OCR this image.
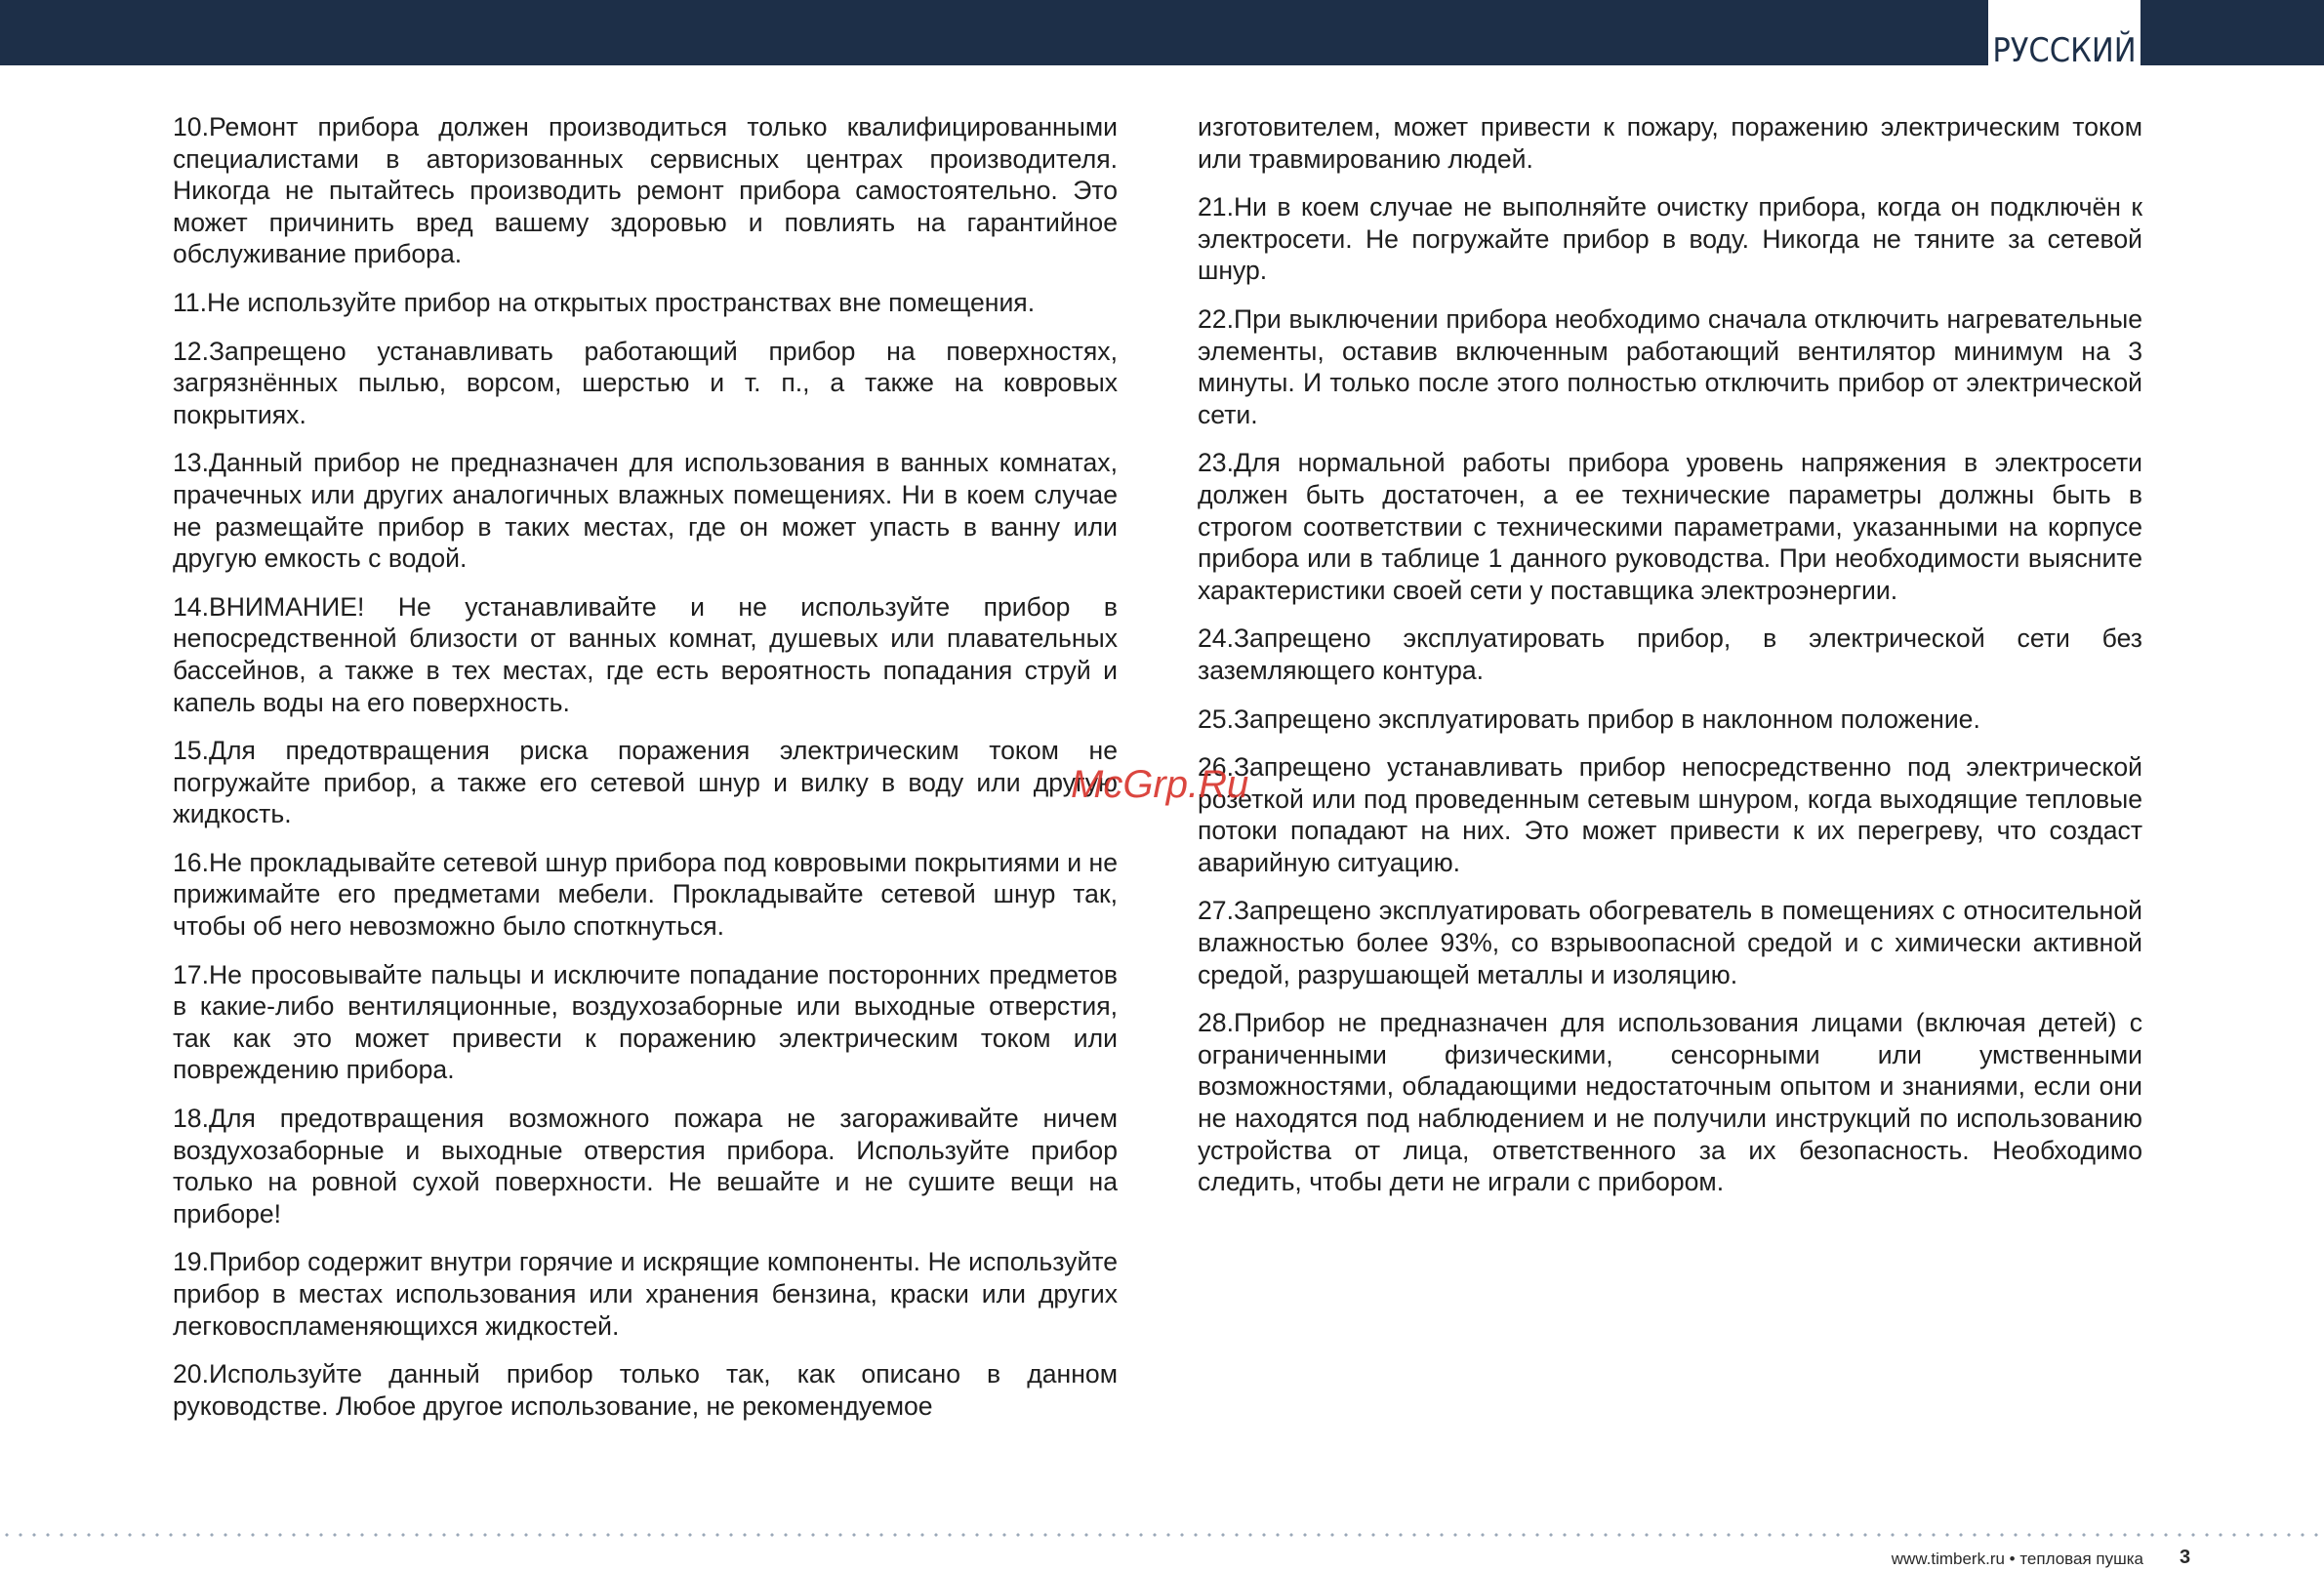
РУССКИЙ

10.Ремонт прибора должен производиться только квалифицированными специалистами в авторизованных сервисных центрах производителя. Никогда не пытайтесь производить ремонт прибора самостоятельно. Это может причинить вред вашему здоровью и повлиять на гарантийное обслуживание прибора.

11.Не используйте прибор на открытых пространствах вне помещения.

12.Запрещено устанавливать работающий прибор на поверхностях, загрязнённых пылью, ворсом, шерстью и т. п., а также на ковровых покрытиях.

13.Данный прибор не предназначен для использования в ванных комнатах, прачечных или других аналогичных влажных помещениях. Ни в коем случае не размещайте прибор в таких местах, где он может упасть в ванну или другую емкость с водой.

14.ВНИМАНИЕ! Не устанавливайте и не используйте прибор в непосредственной близости от ванных комнат, душевых или плавательных бассейнов, а также в тех местах, где есть вероятность попадания струй и капель воды на его поверхность.

15.Для предотвращения риска поражения электрическим током не погружайте прибор, а также его сетевой шнур и вилку в воду или другую жидкость.

16.Не прокладывайте сетевой шнур прибора под ковровыми покрытиями и не прижимайте его предметами мебели. Прокладывайте сетевой шнур так, чтобы об него невозможно было споткнуться.

17.Не просовывайте пальцы и исключите попадание посторонних предметов в какие-либо вентиляционные, воздухозаборные или выходные отверстия, так как это может привести к поражению электрическим током или повреждению прибора.

18.Для предотвращения возможного пожара не загораживайте ничем воздухозаборные и выходные отверстия прибора. Используйте прибор только на ровной сухой поверхности. Не вешайте и не сушите вещи на приборе!

19.Прибор содержит внутри горячие и искрящие компоненты. Не используйте прибор в местах использования или хранения бензина, краски или других легковоспламеняющихся жидкостей.

20.Используйте данный прибор только так, как описано в данном руководстве. Любое другое использование, не рекомендуемое

изготовителем, может привести к пожару, поражению электрическим током или травмированию людей.

21.Ни в коем случае не выполняйте очистку прибора, когда он подключён к электросети. Не погружайте прибор в воду. Никогда не тяните за сетевой шнур.

22.При выключении прибора необходимо сначала отключить нагревательные элементы, оставив включенным работающий вентилятор минимум на 3 минуты. И только после этого полностью отключить прибор от электрической сети.

23.Для нормальной работы прибора уровень напряжения в электросети должен быть достаточен, а ее технические параметры должны быть в строгом соответствии с техническими параметрами, указанными на корпусе прибора или в таблице 1 данного руководства. При необходимости выясните характеристики своей сети у поставщика электроэнергии.

24.Запрещено эксплуатировать прибор, в электрической сети без заземляющего контура.

25.Запрещено эксплуатировать прибор в наклонном положение.

26.Запрещено устанавливать прибор непосредственно под электрической розеткой или под проведенным сетевым шнуром, когда выходящие тепловые потоки попадают на них. Это может привести к их перегреву, что создаст аварийную ситуацию.

27.Запрещено эксплуатировать обогреватель в помещениях с относительной влажностью более 93%, со взрывоопасной средой и с химически активной средой, разрушающей металлы и изоляцию.

28.Прибор не предназначен для использования лицами (включая детей) с ограниченными физическими, сенсорными или умственными возможностями, обладающими недостаточным опытом и знаниями, если они не находятся под наблюдением и не получили инструкций по использованию устройства от лица, ответственного за их безопасность. Необходимо следить, чтобы дети не играли с прибором.

McGrp.Ru
www.timberk.ru • тепловая пушка 3
